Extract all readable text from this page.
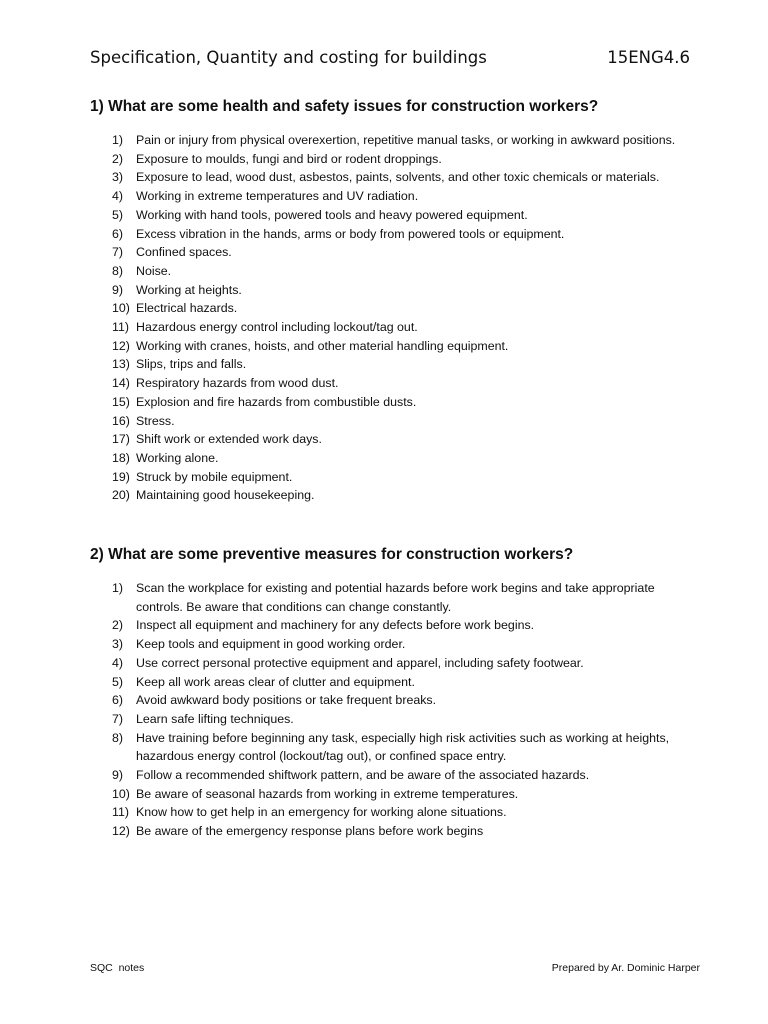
Specification, Quantity and costing for buildings	15ENG4.6
1) What are some health and safety issues for construction workers?
1) Pain or injury from physical overexertion, repetitive manual tasks, or working in awkward positions.
2) Exposure to moulds, fungi and bird or rodent droppings.
3) Exposure to lead, wood dust, asbestos, paints, solvents, and other toxic chemicals or materials.
4) Working in extreme temperatures and UV radiation.
5) Working with hand tools, powered tools and heavy powered equipment.
6) Excess vibration in the hands, arms or body from powered tools or equipment.
7) Confined spaces.
8) Noise.
9) Working at heights.
10) Electrical hazards.
11) Hazardous energy control including lockout/tag out.
12) Working with cranes, hoists, and other material handling equipment.
13) Slips, trips and falls.
14) Respiratory hazards from wood dust.
15) Explosion and fire hazards from combustible dusts.
16) Stress.
17) Shift work or extended work days.
18) Working alone.
19) Struck by mobile equipment.
20) Maintaining good housekeeping.
2) What are some preventive measures for construction workers?
1) Scan the workplace for existing and potential hazards before work begins and take appropriate controls. Be aware that conditions can change constantly.
2) Inspect all equipment and machinery for any defects before work begins.
3) Keep tools and equipment in good working order.
4) Use correct personal protective equipment and apparel, including safety footwear.
5) Keep all work areas clear of clutter and equipment.
6) Avoid awkward body positions or take frequent breaks.
7) Learn safe lifting techniques.
8) Have training before beginning any task, especially high risk activities such as working at heights, hazardous energy control (lockout/tag out), or confined space entry.
9) Follow a recommended shiftwork pattern, and be aware of the associated hazards.
10) Be aware of seasonal hazards from working in extreme temperatures.
11) Know how to get help in an emergency for working alone situations.
12) Be aware of the emergency response plans before work begins
SQC  notes	Prepared by Ar. Dominic Harper
